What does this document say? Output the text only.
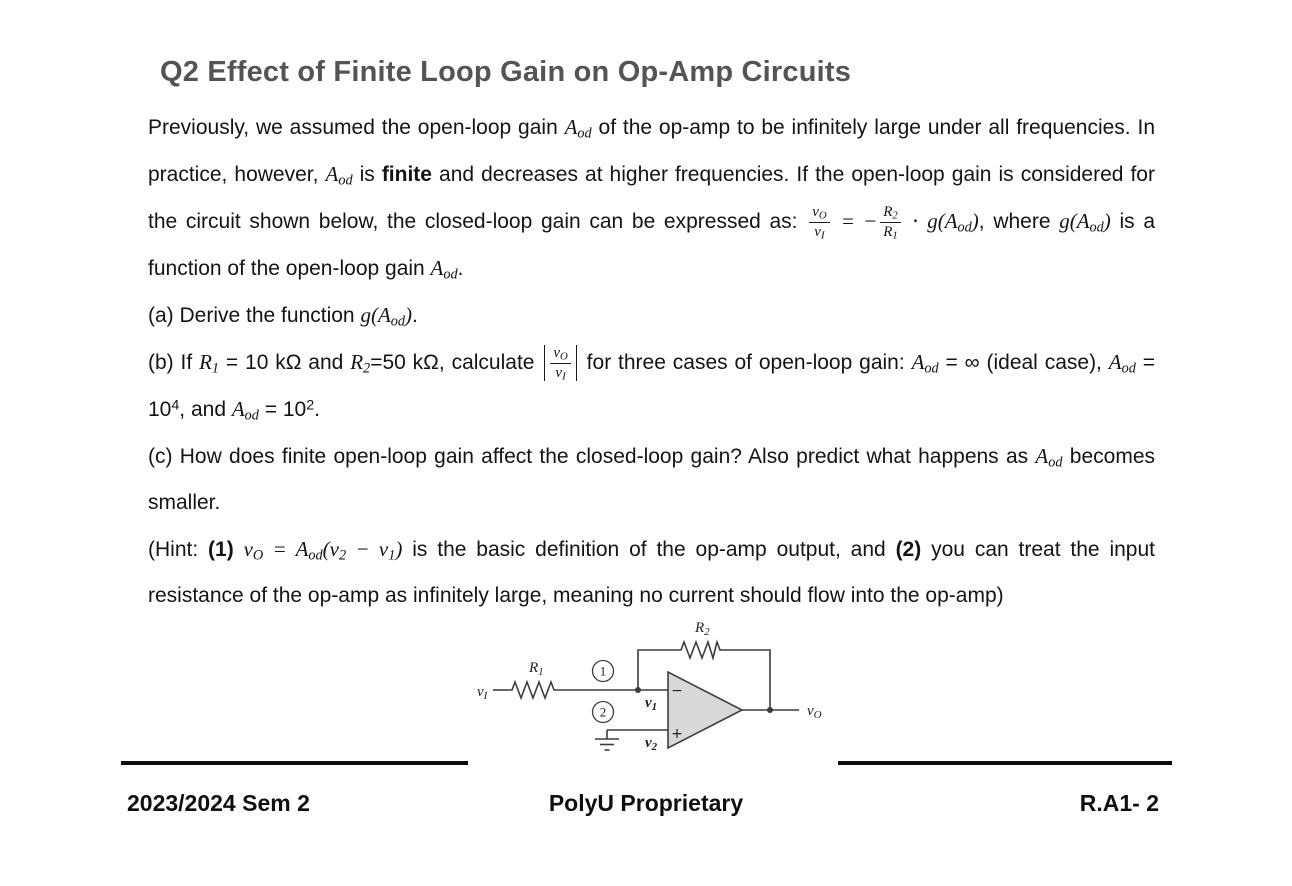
Q2 Effect of Finite Loop Gain on Op-Amp Circuits

Previously, we assumed the open-loop gain $A_{od}$ of the op-amp to be infinitely large under all frequencies. In practice, however, $A_{od}$ is finite and decreases at higher frequencies. If the open-loop gain is considered for the circuit shown below, the closed-loop gain can be expressed as: $\frac{v_O}{v_I}$ = − $\frac{R_2}{R_1} \cdot g(A_{od})$, where $g(A_{od})$ is a function of the open-loop gain $A_{od}$.

(a) Derive the function $g(A_{od})$.

(b) If $R_1 = 10$ kΩ and $R_2=50$ kΩ, calculate $\frac{v_O}{v_I}$ for three cases of open-loop gain: $A_{od}$ = ∞ (ideal case), $A_{od} = 10^4$, and $A_{od} = 10^2$.

(c) How does finite open-loop gain affect the closed-loop gain? Also predict what happens as $A_{od}$ becomes smaller.

(Hint: (1) $v_O = A_{od}(v_2 - v_1)$ is the basic definition of the op-amp output, and (2) you can treat the input resistance of the op-amp as infinitely large, meaning no current should flow into the op-amp)

−
+
1
2
$v_I$
$R_1$
$R_2$
$v_1$
$v_2$
$v_O$
PolyU Proprietary
2023/2024 Sem 2	R.A1- 2
